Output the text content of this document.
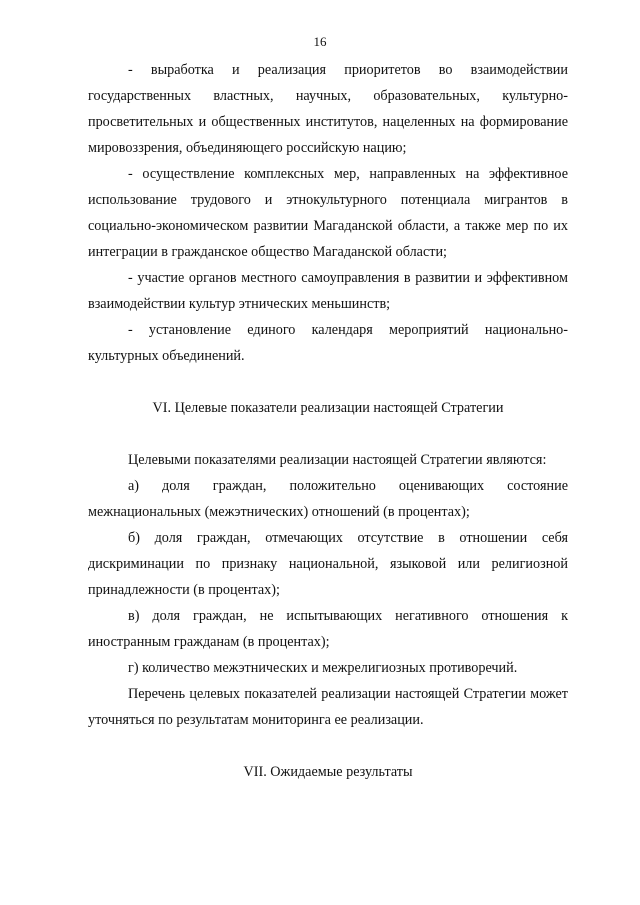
16

- выработка и реализация приоритетов во взаимодействии государственных властных, научных, образовательных, культурно-просветительных и общественных институтов, нацеленных на формирование мировоззрения, объединяющего российскую нацию;

- осуществление комплексных мер, направленных на эффективное использование трудового и этнокультурного потенциала мигрантов в социально-экономическом развитии Магаданской области, а также мер по их интеграции в гражданское общество Магаданской области;

- участие органов местного самоуправления в развитии и эффективном взаимодействии культур этнических меньшинств;

- установление единого календаря мероприятий национально-культурных объединений.

VI. Целевые показатели реализации настоящей Стратегии

Целевыми показателями реализации настоящей Стратегии являются:

а) доля граждан, положительно оценивающих состояние межнациональных (межэтнических) отношений (в процентах);

б) доля граждан, отмечающих отсутствие в отношении себя дискриминации по признаку национальной, языковой или религиозной принадлежности (в процентах);

в) доля граждан, не испытывающих негативного отношения к иностранным гражданам (в процентах);

г) количество межэтнических и межрелигиозных противоречий.

Перечень целевых показателей реализации настоящей Стратегии может уточняться по результатам мониторинга ее реализации.

VII. Ожидаемые результаты
